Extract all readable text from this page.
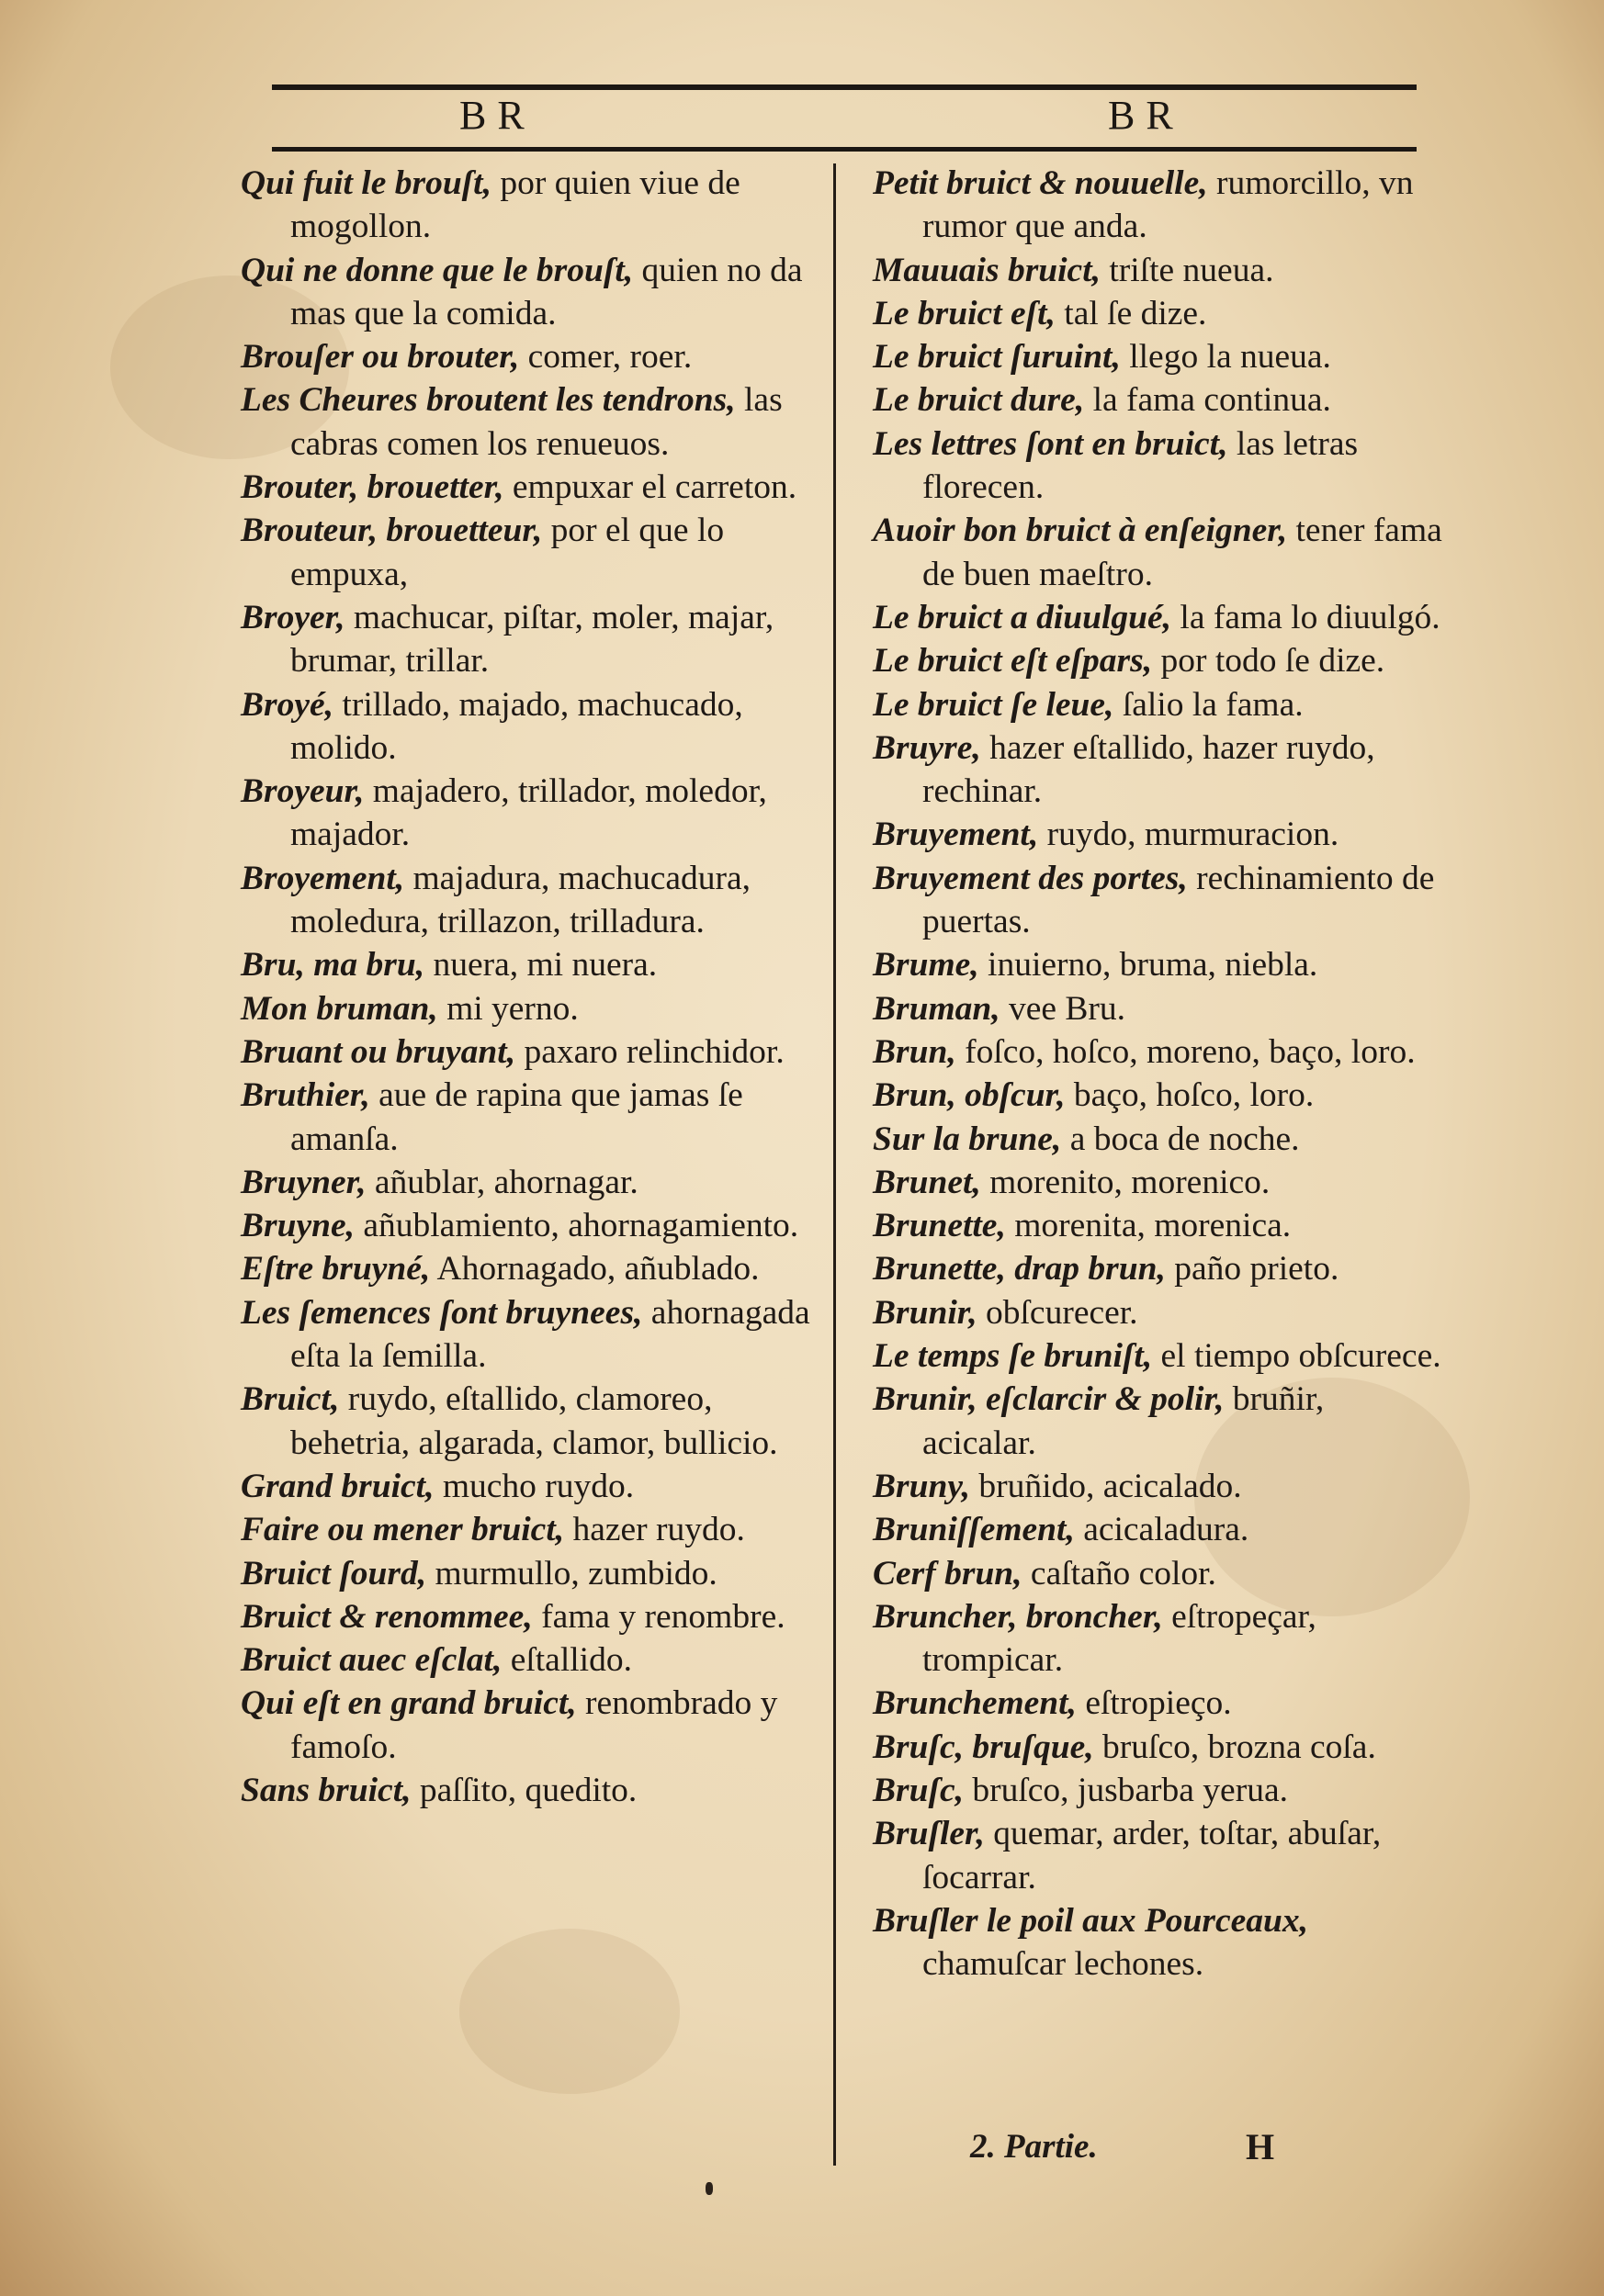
BR	BR

Qui fuit le brouſt, por quien viue de mogollon.

Qui ne donne que le brouſt, quien no da mas que la comida.

Brouſer ou brouter, comer, roer.

Les Cheures broutent les tendrons, las cabras comen los renueuos.

Brouter, brouetter, empuxar el carreton.

Brouteur, brouetteur, por el que lo empuxa,

Broyer, machucar, piſtar, moler, majar, brumar, trillar.

Broyé, trillado, majado, machucado, molido.

Broyeur, majadero, trillador, moledor, majador.

Broyement, majadura, machucadura, moledura, trillazon, trilladura.

Bru, ma bru, nuera, mi nuera.

Mon bruman, mi yerno.

Bruant ou bruyant, paxaro relinchidor.

Bruthier, aue de rapina que jamas ſe amanſa.

Bruyner, añublar, ahornagar.

Bruyne, añublamiento, ahornagamiento.

Eſtre bruyné, Ahornagado, añublado.

Les ſemences ſont bruynees, ahornagada eſta la ſemilla.

Bruict, ruydo, eſtallido, clamoreo, behetria, algarada, clamor, bullicio.

Grand bruict, mucho ruydo.

Faire ou mener bruict, hazer ruydo.

Bruict ſourd, murmullo, zumbido.

Bruict & renommee, fama y renombre.

Bruict auec eſclat, eſtallido.

Qui eſt en grand bruict, renombrado y famoſo.

Sans bruict, paſſito, quedito.

Petit bruict & nouuelle, rumorcillo, vn rumor que anda.

Mauuais bruict, triſte nueua.

Le bruict eſt, tal ſe dize.

Le bruict ſuruint, llego la nueua.

Le bruict dure, la fama continua.

Les lettres ſont en bruict, las letras florecen.

Auoir bon bruict à enſeigner, tener fama de buen maeſtro.

Le bruict a diuulgué, la fama lo diuulgó.

Le bruict eſt eſpars, por todo ſe dize.

Le bruict ſe leue, ſalio la fama.

Bruyre, hazer eſtallido, hazer ruydo, rechinar.

Bruyement, ruydo, murmuracion.

Bruyement des portes, rechinamiento de puertas.

Brume, inuierno, bruma, niebla.

Bruman, vee Bru.

Brun, foſco, hoſco, moreno, baço, loro.

Brun, obſcur, baço, hoſco, loro.

Sur la brune, a boca de noche.

Brunet, morenito, morenico.

Brunette, morenita, morenica.

Brunette, drap brun, paño prieto.

Brunir, obſcurecer.

Le temps ſe bruniſt, el tiempo obſcurece.

Brunir, eſclarcir & polir, bruñir, acicalar.

Bruny, bruñido, acicalado.

Bruniſſement, acicaladura.

Cerf brun, caſtaño color.

Bruncher, broncher, eſtropeçar, trompicar.

Brunchement, eſtropieço.

Bruſc, bruſque, bruſco, brozna coſa.

Bruſc, bruſco, jusbarba yerua.

Bruſler, quemar, arder, toſtar, abuſar, ſocarrar.

Bruſler le poil aux Pourceaux, chamuſcar lechones.

2. Partie.	H
